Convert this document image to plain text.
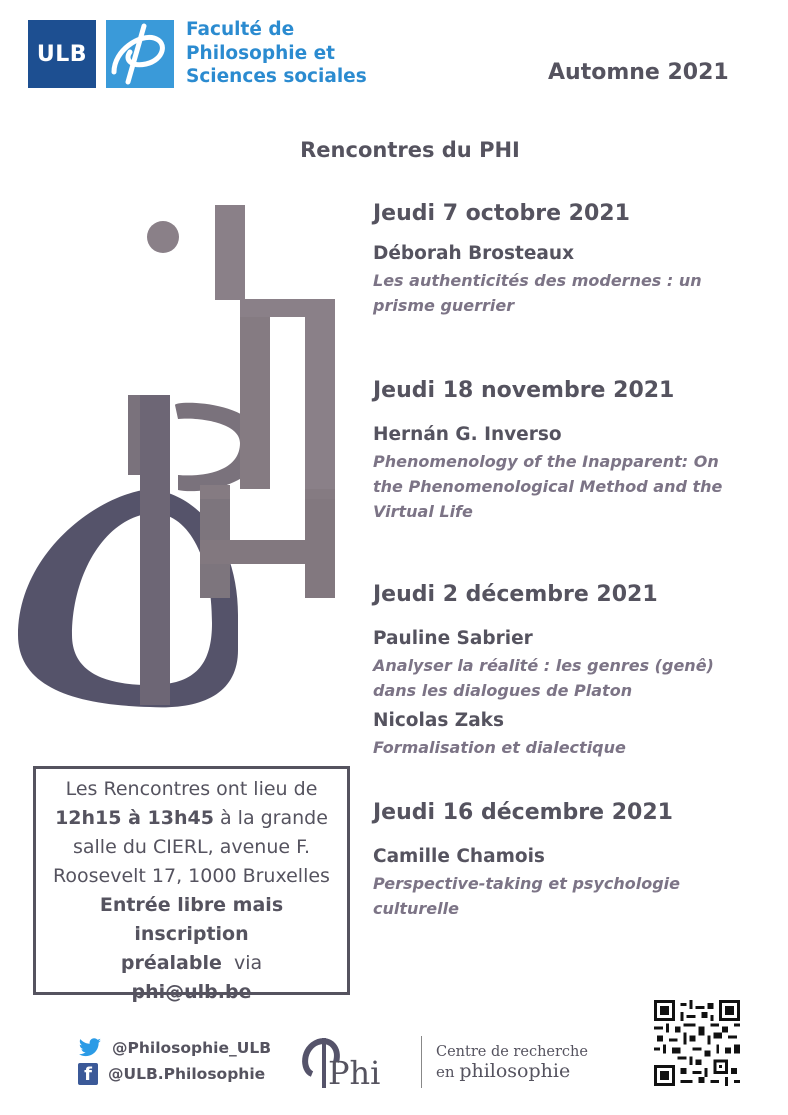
ULB
Faculté de
Philosophie et
Sciences sociales	Automne 2021
Rencontres du PHI
Jeudi 7 octobre 2021
Déborah Brosteaux
Les authenticités des modernes : un
prisme guerrier
Jeudi 18 novembre 2021
Hernán G. Inverso
Phenomenology of the Inapparent: On
the Phenomenological Method and the
Virtual Life
Jeudi 2 décembre 2021
Pauline Sabrier
Analyser la réalité : les genres (genê)
dans les dialogues de Platon
Nicolas Zaks
Formalisation et dialectique
Jeudi 16 décembre 2021
Camille Chamois
Perspective-taking et psychologie
culturelle
Les Rencontres ont lieu de
12h15 à 13h45 à la grande
salle du CIERL, avenue F.
Roosevelt 17, 1000 Bruxelles
Entrée libre mais inscription
préalable  via
phi@ulb.be
@Philosophie_ULB
f	@ULB.Philosophie Phi
Centre de recherche
en philosophie
